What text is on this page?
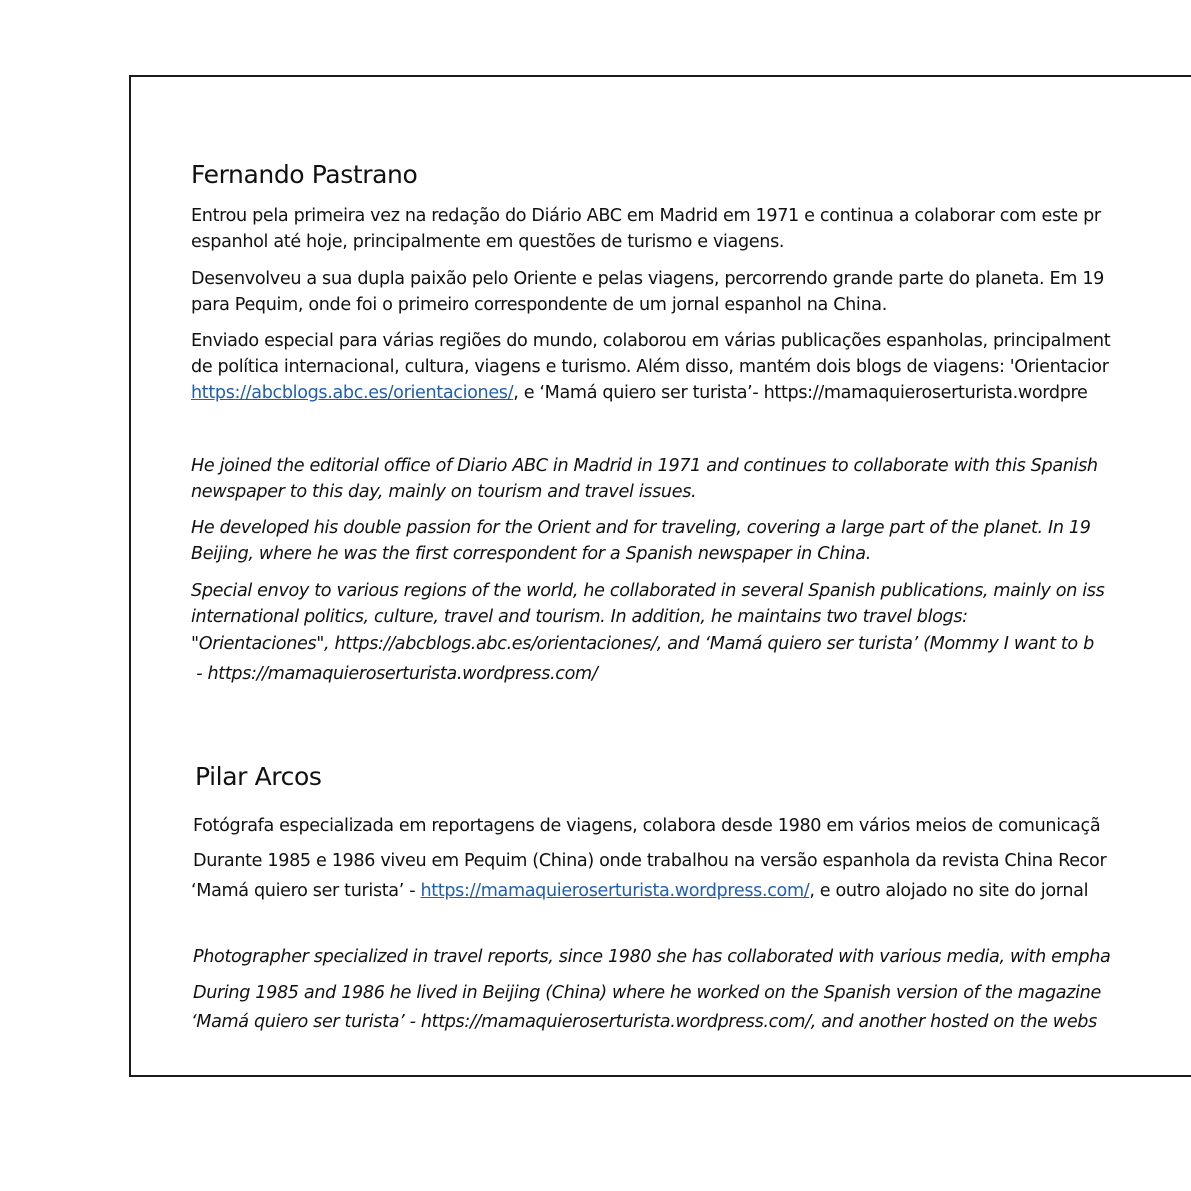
Fernando Pastrano
Entrou pela primeira vez na redação do Diário ABC em Madrid em 1971 e continua a colaborar com este pr
espanhol até hoje, principalmente em questões de turismo e viagens.
Desenvolveu a sua dupla paixão pelo Oriente e pelas viagens, percorrendo grande parte do planeta. Em 19
para Pequim, onde foi o primeiro correspondente de um jornal espanhol na China.
Enviado especial para várias regiões do mundo, colaborou em várias publicações espanholas, principalment
de política internacional, cultura, viagens e turismo. Além disso, mantém dois blogs de viagens: 'Orientacior
https://abcblogs.abc.es/orientaciones/, e ‘Mamá quiero ser turista’- https://mamaquieroserturista.wordpre
He joined the editorial office of Diario ABC in Madrid in 1971 and continues to collaborate with this Spanish
newspaper to this day, mainly on tourism and travel issues.
He developed his double passion for the Orient and for traveling, covering a large part of the planet. In 19
Beijing, where he was the first correspondent for a Spanish newspaper in China.
Special envoy to various regions of the world, he collaborated in several Spanish publications, mainly on iss
international politics, culture, travel and tourism. In addition, he maintains two travel blogs:
"Orientaciones", https://abcblogs.abc.es/orientaciones/, and ‘Mamá quiero ser turista’ (Mommy I want to b
- https://mamaquieroserturista.wordpress.com/
Pilar Arcos
Fotógrafa especializada em reportagens de viagens, colabora desde 1980 em vários meios de comunicaçã
Durante 1985 e 1986 viveu em Pequim (China) onde trabalhou na versão espanhola da revista China Recor
‘Mamá quiero ser turista’ - https://mamaquieroserturista.wordpress.com/, e outro alojado no site do jornal
Photographer specialized in travel reports, since 1980 she has collaborated with various media, with empha
During 1985 and 1986 he lived in Beijing (China) where he worked on the Spanish version of the magazine
‘Mamá quiero ser turista’ - https://mamaquieroserturista.wordpress.com/, and another hosted on the webs
